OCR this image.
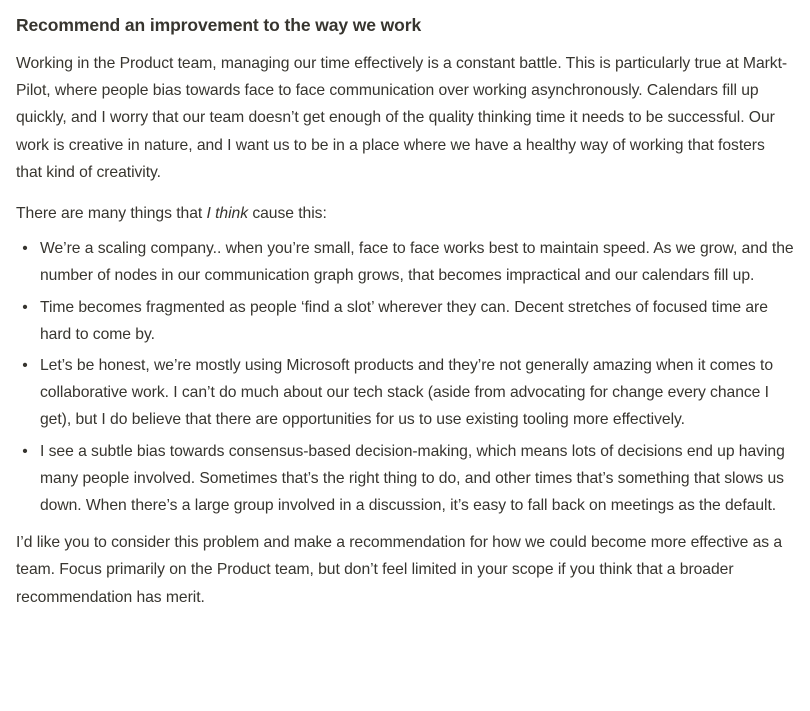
Recommend an improvement to the way we work

Working in the Product team, managing our time effectively is a constant battle. This is particularly true at Markt-Pilot, where people bias towards face to face communication over working asynchronously. Calendars fill up quickly, and I worry that our team doesn’t get enough of the quality thinking time it needs to be successful. Our work is creative in nature, and I want us to be in a place where we have a healthy way of working that fosters that kind of creativity.

There are many things that I think cause this:

• We’re a scaling company.. when you’re small, face to face works best to maintain speed. As we grow, and the number of nodes in our communication graph grows, that becomes impractical and our calendars fill up.
• Time becomes fragmented as people ‘find a slot’ wherever they can. Decent stretches of focused time are hard to come by.
• Let’s be honest, we’re mostly using Microsoft products and they’re not generally amazing when it comes to collaborative work. I can’t do much about our tech stack (aside from advocating for change every chance I get), but I do believe that there are opportunities for us to use existing tooling more effectively.
• I see a subtle bias towards consensus-based decision-making, which means lots of decisions end up having many people involved. Sometimes that’s the right thing to do, and other times that’s something that slows us down. When there’s a large group involved in a discussion, it’s easy to fall back on meetings as the default.

I’d like you to consider this problem and make a recommendation for how we could become more effective as a team. Focus primarily on the Product team, but don’t feel limited in your scope if you think that a broader recommendation has merit.
